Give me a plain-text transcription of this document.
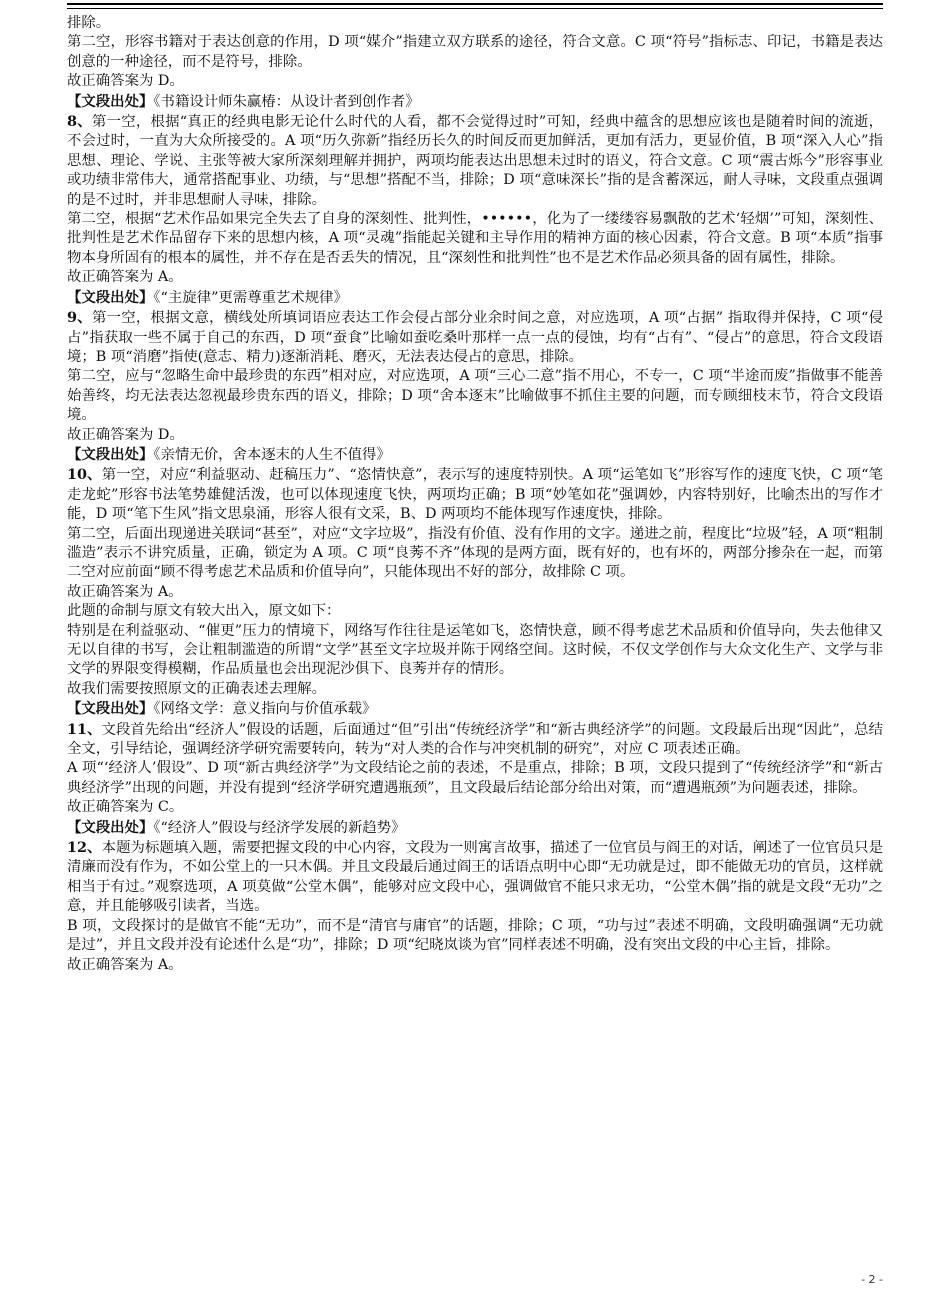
排除。

第二空，形容书籍对于表达创意的作用，D 项“媒介”指建立双方联系的途径，符合文意。C 项“符号”指标志、印记，书籍是表达创意的一种途径，而不是符号，排除。

故正确答案为 D。

【文段出处】《书籍设计师朱赢椿：从设计者到创作者》

8、第一空，根据“真正的经典电影无论什么时代的人看，都不会觉得过时”可知，经典中蕴含的思想应该也是随着时间的流逝，不会过时，一直为大众所接受的。A 项“历久弥新”指经历长久的时间反而更加鲜活，更加有活力，更显价值，B 项“深入人心”指思想、理论、学说、主张等被大家所深刻理解并拥护，两项均能表达出思想未过时的语义，符合文意。C 项“震古烁今”形容事业或功绩非常伟大，通常搭配事业、功绩，与“思想”搭配不当，排除；D 项“意味深长”指的是含蓄深远，耐人寻味，文段重点强调的是不过时，并非思想耐人寻味，排除。

第二空，根据“艺术作品如果完全失去了自身的深刻性、批判性，••••••，化为了一缕缕容易飘散的艺术‘轻烟’”可知，深刻性、批判性是艺术作品留存下来的思想内核，A 项“灵魂”指能起关键和主导作用的精神方面的核心因素，符合文意。B 项“本质”指事物本身所固有的根本的属性，并不存在是否丢失的情况，且“深刻性和批判性”也不是艺术作品必须具备的固有属性，排除。

故正确答案为 A。

【文段出处】《“主旋律”更需尊重艺术规律》

9、第一空，根据文意，横线处所填词语应表达工作会侵占部分业余时间之意，对应选项，A 项“占据” 指取得并保持，C 项“侵占”指获取一些不属于自己的东西，D 项“蚕食”比喻如蚕吃桑叶那样一点一点的侵蚀，均有“占有”、“侵占”的意思，符合文段语境；B 项“消磨”指使(意志、精力)逐渐消耗、磨灭，无法表达侵占的意思，排除。

第二空，应与“忽略生命中最珍贵的东西”相对应，对应选项，A 项“三心二意”指不用心，不专一，C 项“半途而废”指做事不能善始善终，均无法表达忽视最珍贵东西的语义，排除；D 项“舍本逐末”比喻做事不抓住主要的问题，而专顾细枝末节，符合文段语境。

故正确答案为 D。

【文段出处】《亲情无价，舍本逐末的人生不值得》

10、第一空，对应“利益驱动、赶稿压力”、“恣情快意”，表示写的速度特别快。A 项“运笔如飞”形容写作的速度飞快，C 项“笔走龙蛇”形容书法笔势雄健活泼，也可以体现速度飞快，两项均正确；B 项“妙笔如花”强调妙，内容特别好，比喻杰出的写作才能，D 项“笔下生风”指文思泉涌，形容人很有文采，B、D 两项均不能体现写作速度快，排除。

第二空，后面出现递进关联词“甚至”，对应“文字垃圾”，指没有价值、没有作用的文字。递进之前，程度比“垃圾”轻，A 项“粗制滥造”表示不讲究质量，正确，锁定为 A 项。C 项“良莠不齐”体现的是两方面，既有好的，也有坏的，两部分掺杂在一起，而第二空对应前面“顾不得考虑艺术品质和价值导向”，只能体现出不好的部分，故排除 C 项。

故正确答案为 A。

此题的命制与原文有较大出入，原文如下：

特别是在利益驱动、“催更”压力的情境下，网络写作往往是运笔如飞，恣情快意，顾不得考虑艺术品质和价值导向，失去他律又无以自律的书写，会让粗制滥造的所谓“文学”甚至文字垃圾并陈于网络空间。这时候，不仅文学创作与大众文化生产、文学与非文学的界限变得模糊，作品质量也会出现泥沙俱下、良莠并存的情形。

故我们需要按照原文的正确表述去理解。

【文段出处】《网络文学：意义指向与价值承载》

11、文段首先给出“经济人”假设的话题，后面通过“但”引出“传统经济学”和“新古典经济学”的问题。文段最后出现“因此”，总结全文，引导结论，强调经济学研究需要转向，转为“对人类的合作与冲突机制的研究”，对应 C 项表述正确。

A 项“‘经济人’假设”、D 项“新古典经济学”为文段结论之前的表述，不是重点，排除；B 项，文段只提到了“传统经济学”和“新古典经济学”出现的问题，并没有提到“经济学研究遭遇瓶颈”，且文段最后结论部分给出对策，而“遭遇瓶颈”为问题表述，排除。

故正确答案为 C。

【文段出处】《“经济人”假设与经济学发展的新趋势》

12、本题为标题填入题，需要把握文段的中心内容，文段为一则寓言故事，描述了一位官员与阎王的对话，阐述了一位官员只是清廉而没有作为，不如公堂上的一只木偶。并且文段最后通过阎王的话语点明中心即“无功就是过，即不能做无功的官员，这样就相当于有过。”观察选项，A 项莫做“公堂木偶”，能够对应文段中心，强调做官不能只求无功，“公堂木偶”指的就是文段“无功”之意，并且能够吸引读者，当选。

B 项，文段探讨的是做官不能“无功”，而不是“清官与庸官”的话题，排除；C 项，“功与过”表述不明确，文段明确强调“无功就是过”，并且文段并没有论述什么是“功”，排除；D 项“纪晓岚谈为官”同样表述不明确，没有突出文段的中心主旨，排除。

故正确答案为 A。

- 2 -
